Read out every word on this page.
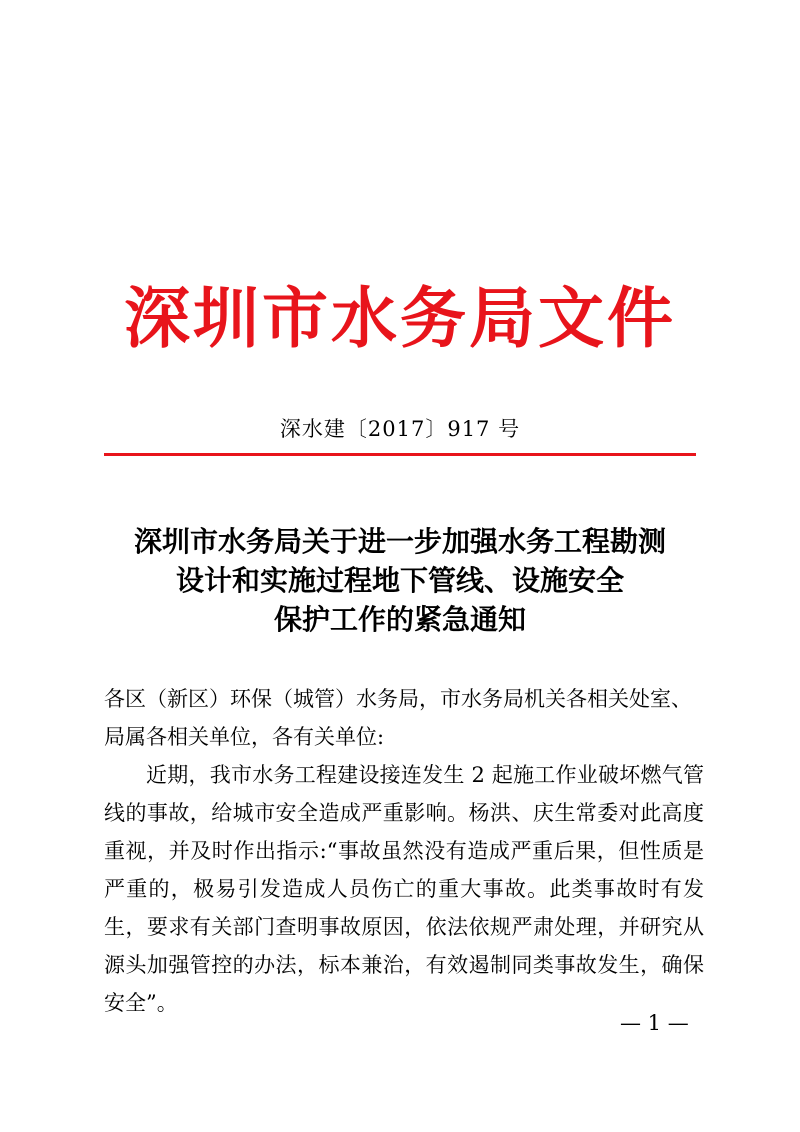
深圳市水务局文件
深水建〔2017〕917 号
深圳市水务局关于进一步加强水务工程勘测
设计和实施过程地下管线、设施安全
保护工作的紧急通知

各区（新区）环保（城管）水务局，市水务局机关各相关处室、局属各相关单位，各有关单位:

近期，我市水务工程建设接连发生 2 起施工作业破坏燃气管线的事故，给城市安全造成严重影响。杨洪、庆生常委对此高度重视，并及时作出指示:“事故虽然没有造成严重后果，但性质是严重的，极易引发造成人员伤亡的重大事故。此类事故时有发生，要求有关部门查明事故原因，依法依规严肃处理，并研究从源头加强管控的办法，标本兼治，有效遏制同类事故发生，确保安全”。

— 1 —
